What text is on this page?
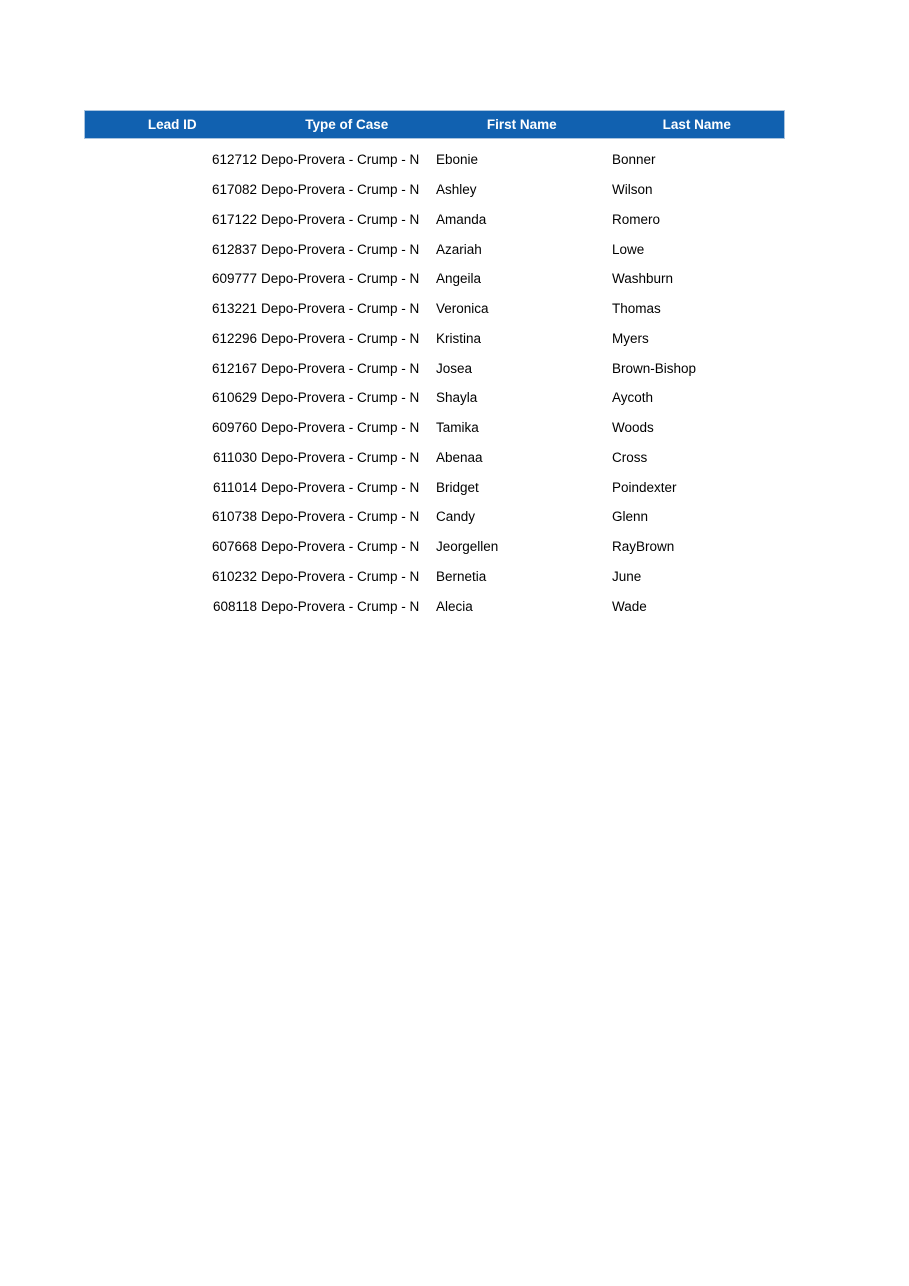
Lead ID	Type of Case	First Name	Last Name
612712 Depo-Provera - Crump - N	Ebonie	Bonner
617082 Depo-Provera - Crump - N	Ashley	Wilson
617122 Depo-Provera - Crump - N	Amanda	Romero
612837 Depo-Provera - Crump - N	Azariah	Lowe
609777 Depo-Provera - Crump - N	Angeila	Washburn
613221 Depo-Provera - Crump - N	Veronica	Thomas
612296 Depo-Provera - Crump - N	Kristina	Myers
612167 Depo-Provera - Crump - N	Josea	Brown-Bishop
610629 Depo-Provera - Crump - N	Shayla	Aycoth
609760 Depo-Provera - Crump - N	Tamika	Woods
611030 Depo-Provera - Crump - N	Abenaa	Cross
611014 Depo-Provera - Crump - N	Bridget	Poindexter
610738 Depo-Provera - Crump - N	Candy	Glenn
607668 Depo-Provera - Crump - N	Jeorgellen	RayBrown
610232 Depo-Provera - Crump - N	Bernetia	June
608118 Depo-Provera - Crump - N	Alecia	Wade
